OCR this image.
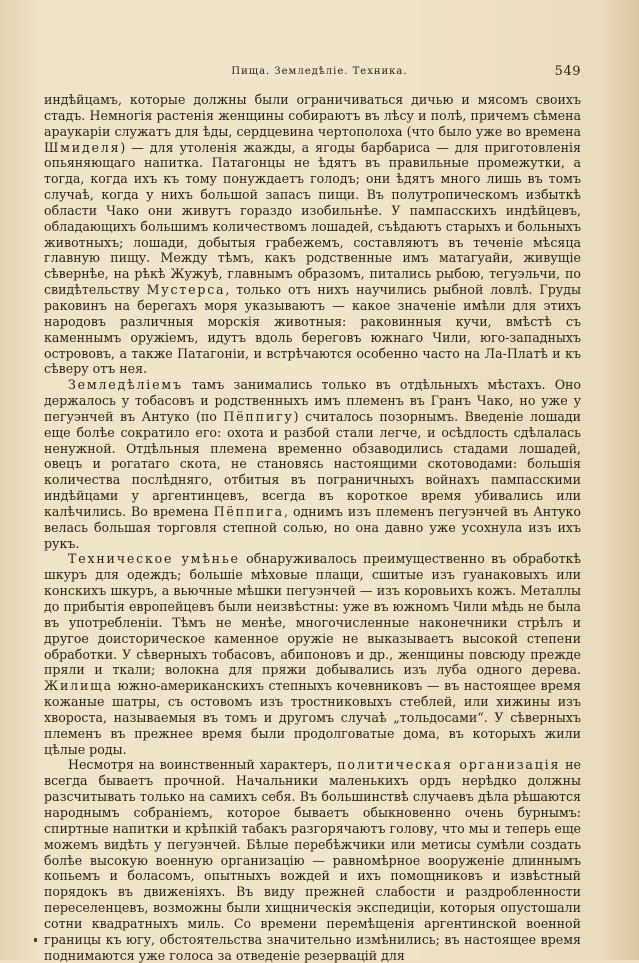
Пища. Земледѣліе. Техника.	549

индѣйцамъ, которые должны были ограничиваться дичью и мясомъ своихъ стадъ. Немногія растенія женщины собираютъ въ лѣсу и полѣ, причемъ сѣмена араукаріи служатъ для ѣды, сердцевина чертополоха (что было уже во времена Шмиделя) — для утоленія жажды, а ягоды барбариса — для приготовленія опьяняющаго напитка. Патагонцы не ѣдятъ въ правильные промежутки, а тогда, когда ихъ къ тому понуждаетъ голодъ; они ѣдятъ много лишь въ томъ случаѣ, когда у нихъ большой запасъ пищи. Въ полутропическомъ избыткѣ области Чако они живутъ гораздо изобильнѣе. У пампасскихъ индѣйцевъ, обладающихъ большимъ количествомъ лошадей, съѣдаютъ старыхъ и больныхъ животныхъ; лошади, добытыя грабежемъ, составляютъ въ теченіе мѣсяца главную пищу. Между тѣмъ, какъ родственные имъ матагуайи, живущіе сѣвернѣе, на рѣкѣ Жужуѣ, главнымъ образомъ, питались рыбою, тегуэльчи, по свидѣтельству Мустерса, только отъ нихъ научились рыбной ловлѣ. Груды раковинъ на берегахъ моря указываютъ — какое значеніе имѣли для этихъ народовъ различныя морскія животныя: раковинныя кучи, вмѣстѣ съ каменнымъ оружіемъ, идутъ вдоль береговъ южнаго Чили, юго-западныхъ острововъ, а также Патагоніи, и встрѣчаются особенно часто на Ла-Платѣ и къ сѣверу отъ нея.

Земледѣліемъ тамъ занимались только въ отдѣльныхъ мѣстахъ. Оно держалось у тобасовъ и родственныхъ имъ племенъ въ Гранъ Чако, но уже у пегуэнчей въ Антуко (по Пёппигу) считалось позорнымъ. Введеніе лошади еще болѣе сократило его: охота и разбой стали легче, и осѣдлость сдѣлалась ненужной. Отдѣльныя племена временно обзаводились стадами лошадей, овецъ и рогатаго скота, не становясь настоящими скотоводами: большія количества послѣдняго, отбитыя въ пограничныхъ войнахъ пампасскими индѣйцами у аргентинцевъ, всегда въ короткое время убивались или калѣчились. Во времена Пёппига, однимъ изъ племенъ пегуэнчей въ Антуко велась большая торговля степной солью, но она давно уже усохнула изъ ихъ рукъ.

Техническое умѣнье обнаруживалось преимущественно въ обработкѣ шкуръ для одеждъ; большіе мѣховые плащи, сшитые изъ гуанаковыхъ или конскихъ шкуръ, а вьючные мѣшки пегуэнчей — изъ коровьихъ кожъ. Металлы до прибытія европейцевъ были неизвѣстны: уже въ южномъ Чили мѣдь не была въ употребленіи. Тѣмъ не менѣе, многочисленные наконечники стрѣлъ и другое доисторическое каменное оружіе не выказываетъ высокой степени обработки. У сѣверныхъ тобасовъ, абипоновъ и др., женщины повсюду прежде пряли и ткали; волокна для пряжи добывались изъ луба одного дерева. Жилища южно-американскихъ степныхъ кочевниковъ — въ настоящее время кожаные шатры, съ остовомъ изъ тростниковыхъ стеблей, или хижины изъ хвороста, называемыя въ томъ и другомъ случаѣ „тольдосами“. У сѣверныхъ племенъ въ прежнее время были продолговатые дома, въ которыхъ жили цѣлые роды.

Несмотря на воинственный характеръ, политическая организація не всегда бываетъ прочной. Начальники маленькихъ ордъ нерѣдко должны разсчитывать только на самихъ себя. Въ большинствѣ случаевъ дѣла рѣшаются народнымъ собраніемъ, которое бываетъ обыкновенно очень бурнымъ: спиртные напитки и крѣпкій табакъ разгорячаютъ голову, что мы и теперь еще можемъ видѣть у пегуэнчей. Бѣлые перебѣжчики или метисы сумѣли создать болѣе высокую военную организацію — равномѣрное вооруженіе длиннымъ копьемъ и боласомъ, опытныхъ вождей и ихъ помощниковъ и извѣстный порядокъ въ движеніяхъ. Въ виду прежней слабости и раздробленности переселенцевъ, возможны были хищническія экспедиціи, которыя опустошали сотни квадратныхъ миль. Со времени перемѣщенія аргентинской военной границы къ югу, обстоятельства значительно измѣнились; въ настоящее время поднимаются уже голоса за отведеніе резервацій для
